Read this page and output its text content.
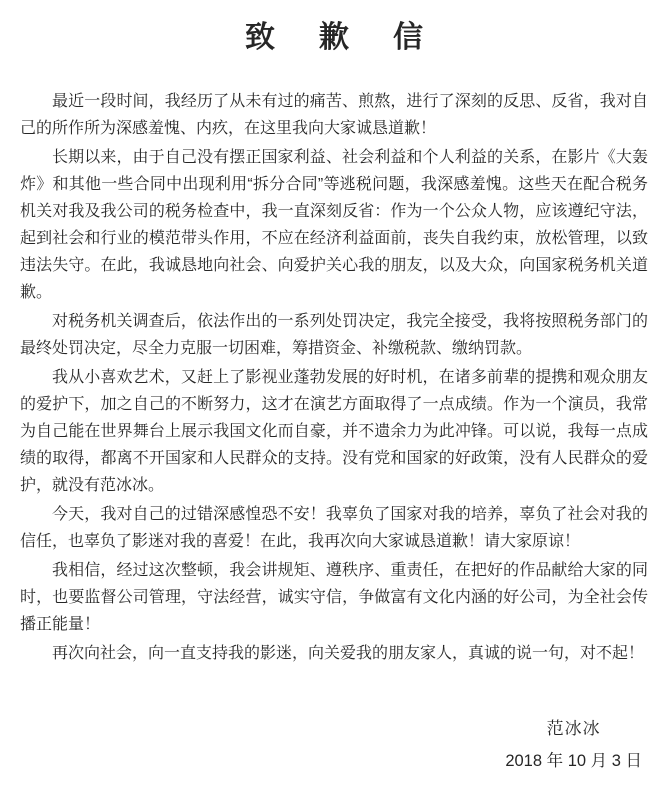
致　歉　信

最近一段时间，我经历了从未有过的痛苦、煎熬，进行了深刻的反思、反省，我对自己的所作所为深感羞愧、内疚，在这里我向大家诚恳道歉！

长期以来，由于自己没有摆正国家利益、社会利益和个人利益的关系，在影片《大轰炸》和其他一些合同中出现利用“拆分合同”等逃税问题，我深感羞愧。这些天在配合税务机关对我及我公司的税务检查中，我一直深刻反省：作为一个公众人物，应该遵纪守法，起到社会和行业的模范带头作用，不应在经济利益面前，丧失自我约束，放松管理，以致违法失守。在此，我诚恳地向社会、向爱护关心我的朋友，以及大众，向国家税务机关道歉。

对税务机关调查后，依法作出的一系列处罚决定，我完全接受，我将按照税务部门的最终处罚决定，尽全力克服一切困难，筹措资金、补缴税款、缴纳罚款。

我从小喜欢艺术，又赶上了影视业蓬勃发展的好时机，在诸多前辈的提携和观众朋友的爱护下，加之自己的不断努力，这才在演艺方面取得了一点成绩。作为一个演员，我常为自己能在世界舞台上展示我国文化而自豪，并不遗余力为此冲锋。可以说，我每一点成绩的取得，都离不开国家和人民群众的支持。没有党和国家的好政策，没有人民群众的爱护，就没有范冰冰。

今天，我对自己的过错深感惶恐不安！我辜负了国家对我的培养，辜负了社会对我的信任，也辜负了影迷对我的喜爱！在此，我再次向大家诚恳道歉！请大家原谅！

我相信，经过这次整顿，我会讲规矩、遵秩序、重责任，在把好的作品献给大家的同时，也要监督公司管理，守法经营，诚实守信，争做富有文化内涵的好公司，为全社会传播正能量！

再次向社会，向一直支持我的影迷，向关爱我的朋友家人，真诚的说一句，对不起！

范冰冰
2018 年 10 月 3 日
